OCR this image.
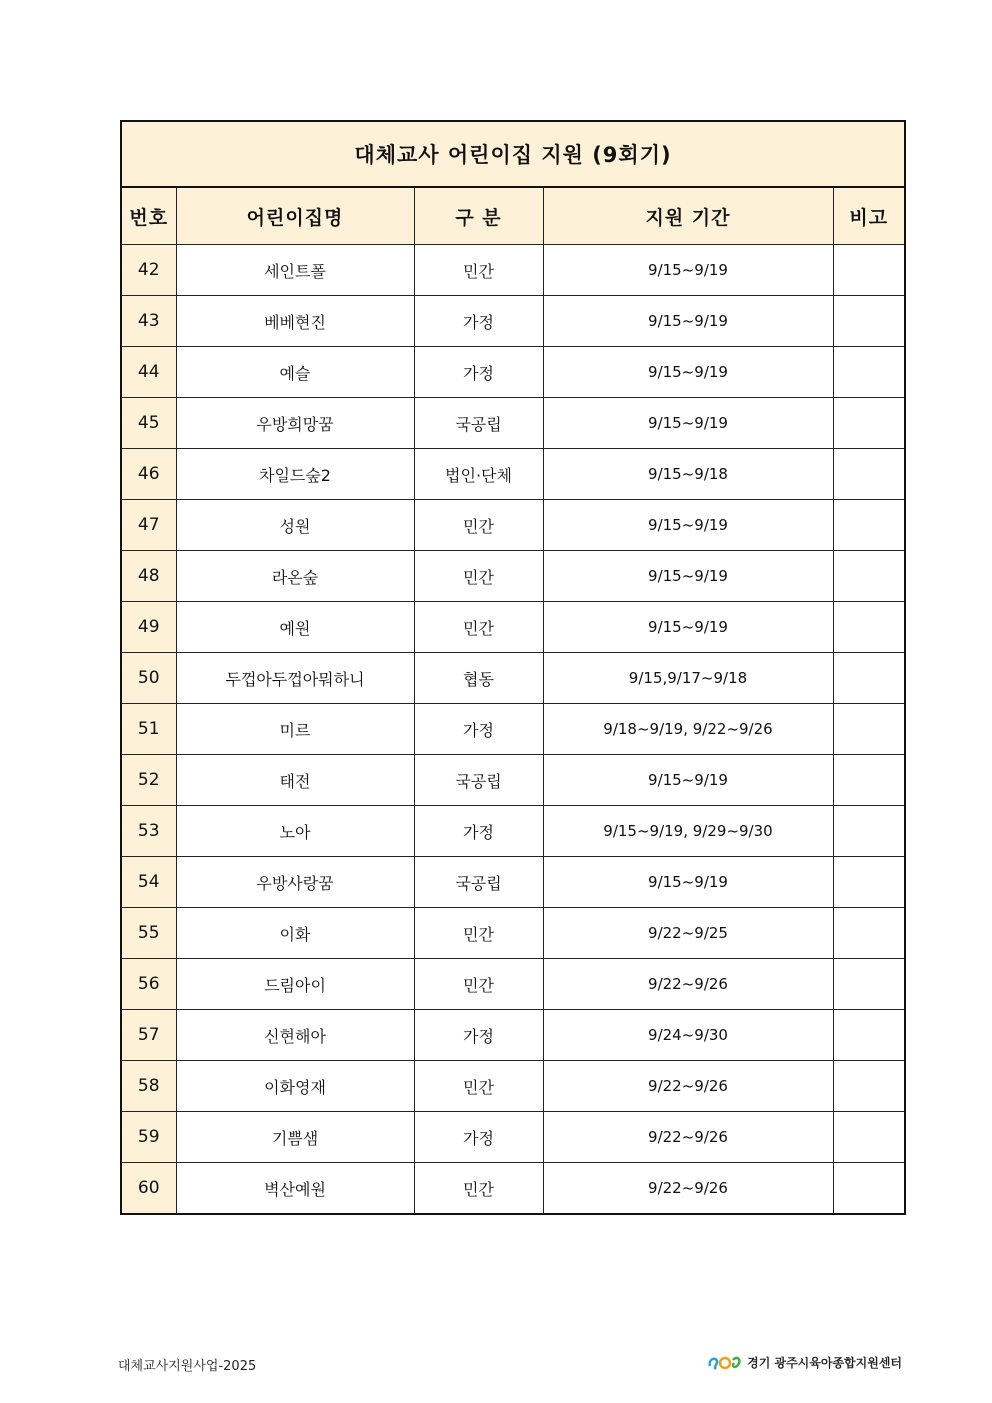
대체교사 어린이집 지원 (9회기)				
번호	어린이집명	구 분	지원 기간	비고
42	세인트폴	민간	9/15~9/19	
43	베베현진	가정	9/15~9/19	
44	예슬	가정	9/15~9/19	
45	우방희망꿈	국공립	9/15~9/19	
46	차일드숲2	법인·단체	9/15~9/18	
47	성원	민간	9/15~9/19	
48	라온숲	민간	9/15~9/19	
49	예원	민간	9/15~9/19	
50	두껍아두껍아뭐하니	협동	9/15,9/17~9/18	
51	미르	가정	9/18~9/19, 9/22~9/26	
52	태전	국공립	9/15~9/19	
53	노아	가정	9/15~9/19, 9/29~9/30	
54	우방사랑꿈	국공립	9/15~9/19	
55	이화	민간	9/22~9/25	
56	드림아이	민간	9/22~9/26	
57	신현해아	가정	9/24~9/30	
58	이화영재	민간	9/22~9/26	
59	기쁨샘	가정	9/22~9/26	
60	벽산예원	민간	9/22~9/26	
대체교사지원사업-2025	경기 광주시육아종합지원센터
